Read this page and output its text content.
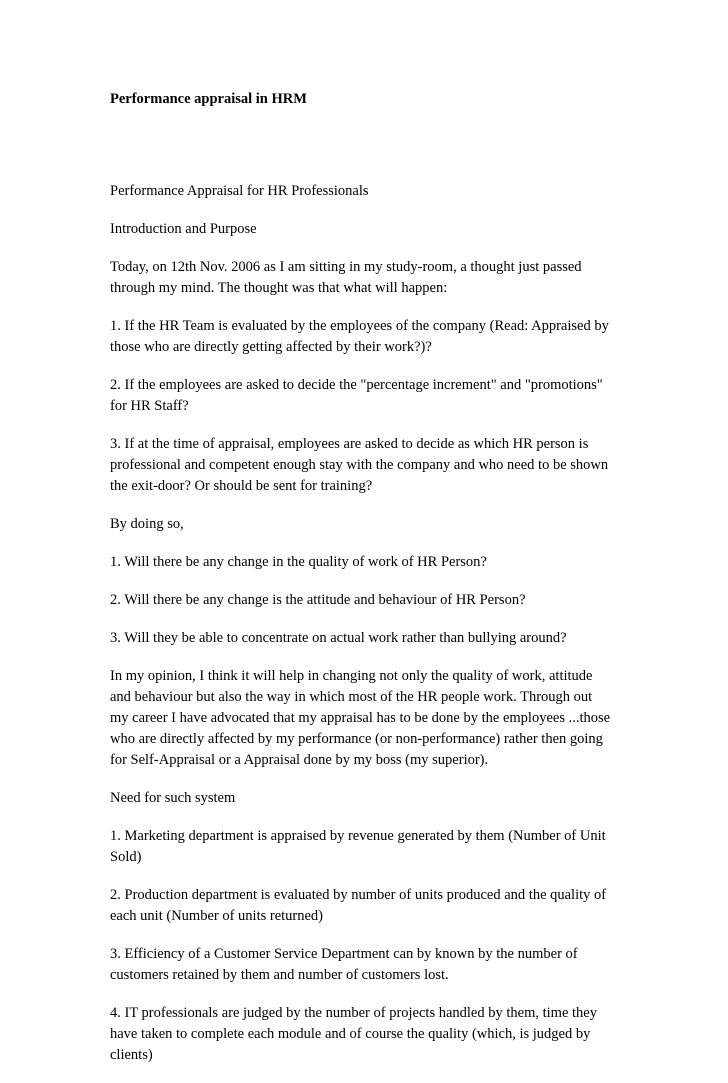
Performance appraisal in HRM
Performance Appraisal for HR Professionals
Introduction and Purpose
Today, on 12th Nov. 2006 as I am sitting in my study-room, a thought just passed
through my mind. The thought was that what will happen:
1. If the HR Team is evaluated by the employees of the company (Read: Appraised by
those who are directly getting affected by their work?)?
2. If the employees are asked to decide the "percentage increment" and "promotions"
for HR Staff?
3. If at the time of appraisal, employees are asked to decide as which HR person is
professional and competent enough stay with the company and who need to be shown
the exit-door? Or should be sent for training?
By doing so,
1. Will there be any change in the quality of work of HR Person?
2. Will there be any change is the attitude and behaviour of HR Person?
3. Will they be able to concentrate on actual work rather than bullying around?
In my opinion, I think it will help in changing not only the quality of work, attitude
and behaviour but also the way in which most of the HR people work. Through out
my career I have advocated that my appraisal has to be done by the employees ...those
who are directly affected by my performance (or non-performance) rather then going
for Self-Appraisal or a Appraisal done by my boss (my superior).
Need for such system
1. Marketing department is appraised by revenue generated by them (Number of Unit
Sold)
2. Production department is evaluated by number of units produced and the quality of
each unit (Number of units returned)
3. Efficiency of a Customer Service Department can by known by the number of
customers retained by them and number of customers lost.
4. IT professionals are judged by the number of projects handled by them, time they
have taken to complete each module and of course the quality (which, is judged by
clients)
